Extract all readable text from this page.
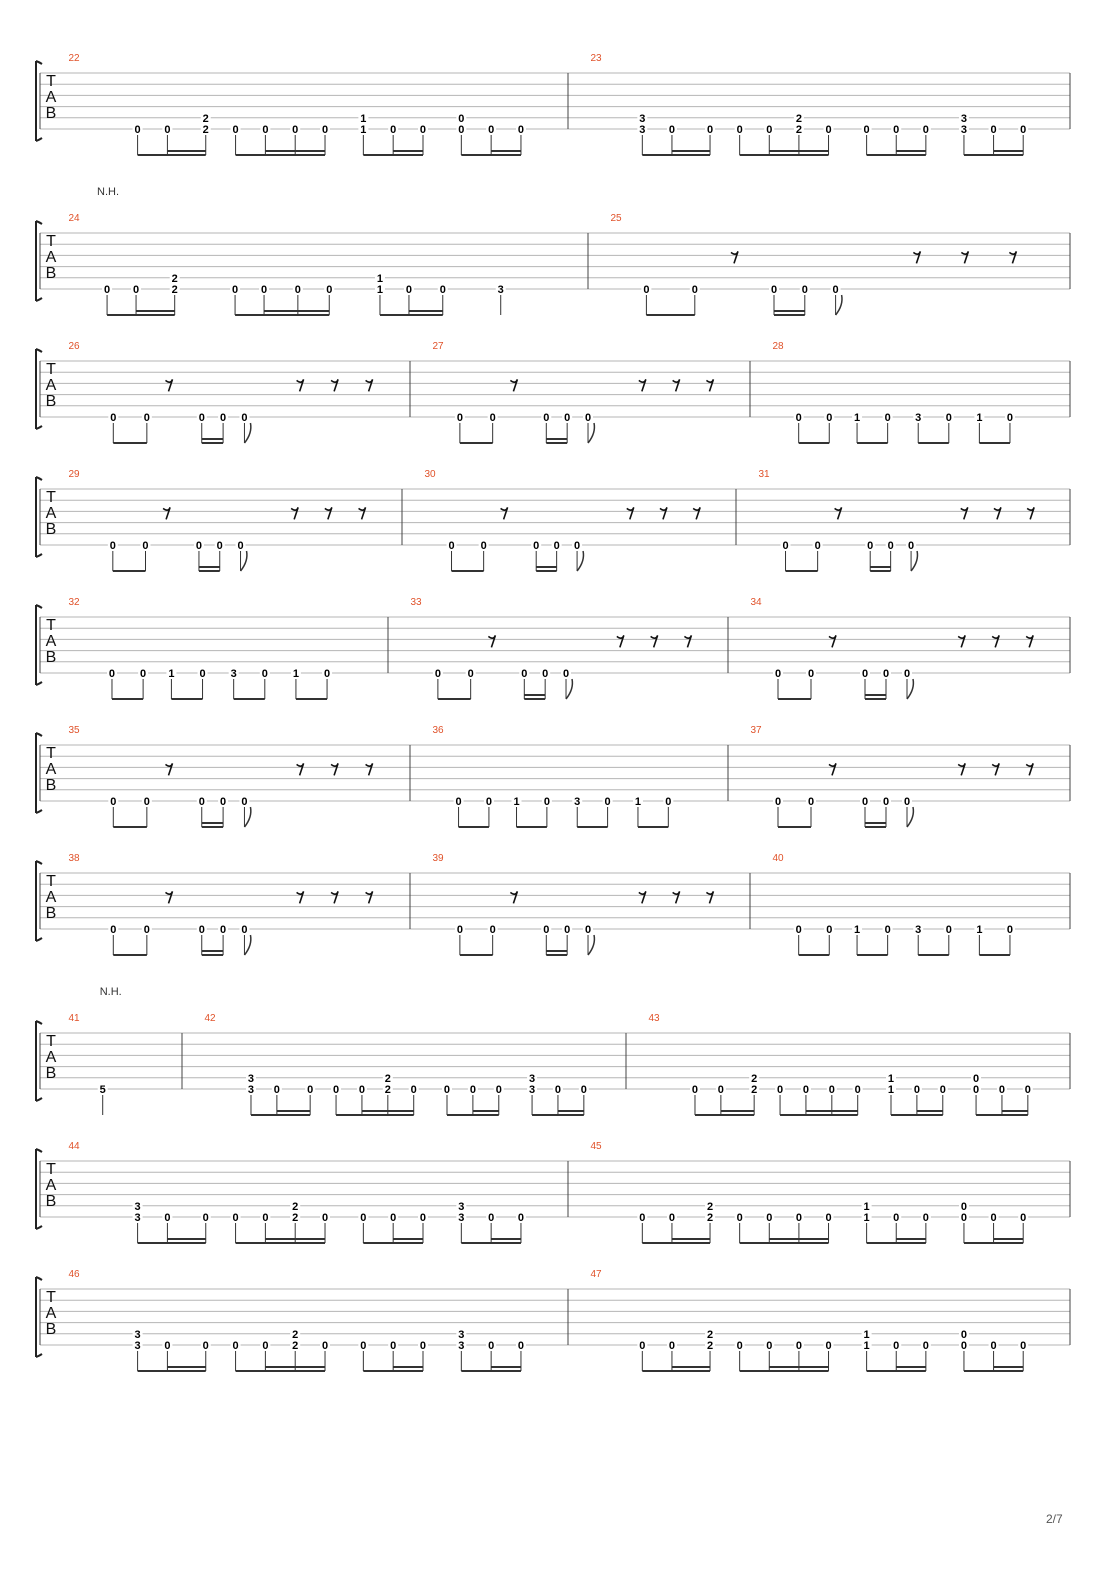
T
A
B
22
0 0	2
2
0 0 0 0	1
1
0 0	0
0
0 0
23
3
3
0	0 0 0 2
2
0	0 0 0	3
3
0 0
T
A
B
24
0 0	2
2
0 0	0 0	1
1
0	0	3
25
0	0	0 0 0
N.H.
T
A
B
26
0 0	0 0 0
27
0 0	0 0 0
28
0 0 1 0 3 0 1 0
T
A
B
29
0 0	0 0 0
30
0 0	0 0 0
31
0 0	0 0 0
T
A
B
32
0 0 1 0 3 0 1 0
33
0 0	0 0 0
34
0 0	0 0 0
T
A
B
35
0 0	0 0 0
36
0 0 1 0 3 0 1 0
37
0 0	0 0 0
T
A
B
38
0 0	0 0 0
39
0 0	0 0 0
40
0 0 1 0 3 0 1 0
T
A
B
41
5
42
3
3
0 0 0 0 2
2
0 0 0 0 3
3
0 0
43
0 0 2
2
0 0 0 0 1
1
0 0 0
0
0 0
N.H.
T
A
B
44
3
3
0	0 0 0 2
2
0	0 0 0	3
3
0 0
45
0 0	2
2
0 0 0 0	1
1
0 0	0
0
0 0
T
A
B
46
3
3
0	0 0 0 2
2
0	0 0 0	3
3
0 0
47
0 0	2
2
0 0 0 0	1
1
0 0	0
0
0 0
2/7
